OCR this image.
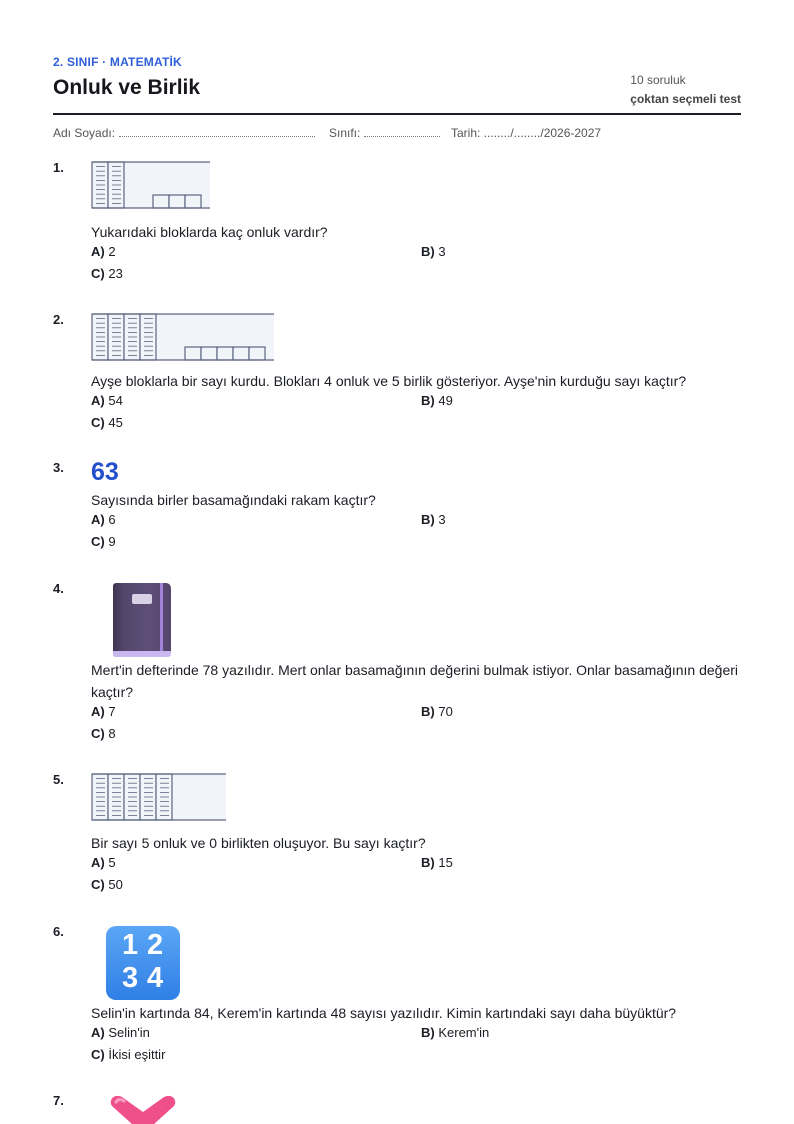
2. SINIF · MATEMATİK
Onluk ve Birlik	10 soruluk
çoktan seçmeli test
Adı Soyadı:	Sınıfı:	Tarih: ......../......../2026-2027
1.
Yukarıdaki bloklarda kaç onluk vardır?
A) 2	B) 3
C) 23
2.
Ayşe bloklarla bir sayı kurdu. Blokları 4 onluk ve 5 birlik gösteriyor. Ayşe'nin kurduğu sayı kaçtır?
A) 54	B) 49
C) 45
3. 63
Sayısında birler basamağındaki rakam kaçtır?
A) 6	B) 3
C) 9
4.
Mert'in defterinde 78 yazılıdır. Mert onlar basamağının değerini bulmak istiyor. Onlar basamağının değeri kaçtır?
A) 7	B) 70
C) 8
5.
Bir sayı 5 onluk ve 0 birlikten oluşuyor. Bu sayı kaçtır?
A) 5	B) 15
C) 50
6. 1 2
3 4
Selin'in kartında 84, Kerem'in kartında 48 sayısı yazılıdır. Kimin kartındaki sayı daha büyüktür?
A) Selin'in	B) Kerem'in
C) İkisi eşittir
7.
